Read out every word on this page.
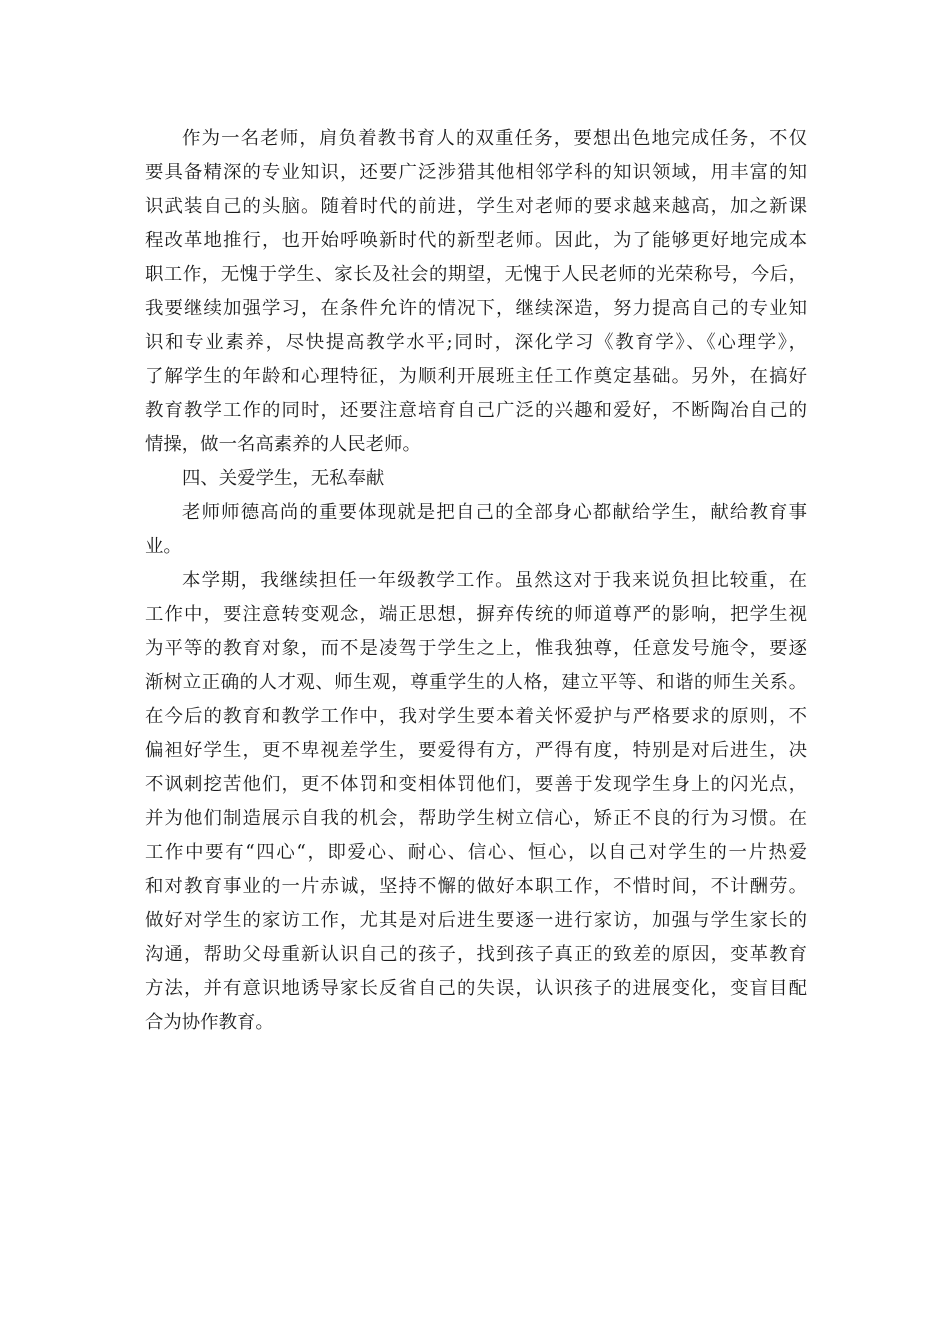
作为一名老师，肩负着教书育人的双重任务，要想出色地完成任务，不仅
要具备精深的专业知识，还要广泛涉猎其他相邻学科的知识领域，用丰富的知
识武装自己的头脑。随着时代的前进，学生对老师的要求越来越高，加之新课
程改革地推行，也开始呼唤新时代的新型老师。因此，为了能够更好地完成本
职工作，无愧于学生、家长及社会的期望，无愧于人民老师的光荣称号，今后，
我要继续加强学习，在条件允许的情况下，继续深造，努力提高自己的专业知
识和专业素养，尽快提高教学水平;同时，深化学习《教育学》、《心理学》，
了解学生的年龄和心理特征，为顺利开展班主任工作奠定基础。另外，在搞好
教育教学工作的同时，还要注意培育自己广泛的兴趣和爱好，不断陶冶自己的
情操，做一名高素养的人民老师。
四、关爱学生，无私奉献
老师师德高尚的重要体现就是把自己的全部身心都献给学生，献给教育事
业。
本学期，我继续担任一年级教学工作。虽然这对于我来说负担比较重，在
工作中，要注意转变观念，端正思想，摒弃传统的师道尊严的影响，把学生视
为平等的教育对象，而不是凌驾于学生之上，惟我独尊，任意发号施令，要逐
渐树立正确的人才观、师生观，尊重学生的人格，建立平等、和谐的师生关系。
在今后的教育和教学工作中，我对学生要本着关怀爱护与严格要求的原则，不
偏袒好学生，更不卑视差学生，要爱得有方，严得有度，特别是对后进生，决
不讽刺挖苦他们，更不体罚和变相体罚他们，要善于发现学生身上的闪光点，
并为他们制造展示自我的机会，帮助学生树立信心，矫正不良的行为习惯。在
工作中要有“四心“，即爱心、耐心、信心、恒心，以自己对学生的一片热爱
和对教育事业的一片赤诚，坚持不懈的做好本职工作，不惜时间，不计酬劳。
做好对学生的家访工作，尤其是对后进生要逐一进行家访，加强与学生家长的
沟通，帮助父母重新认识自己的孩子，找到孩子真正的致差的原因，变革教育
方法，并有意识地诱导家长反省自己的失误，认识孩子的进展变化，变盲目配
合为协作教育。
